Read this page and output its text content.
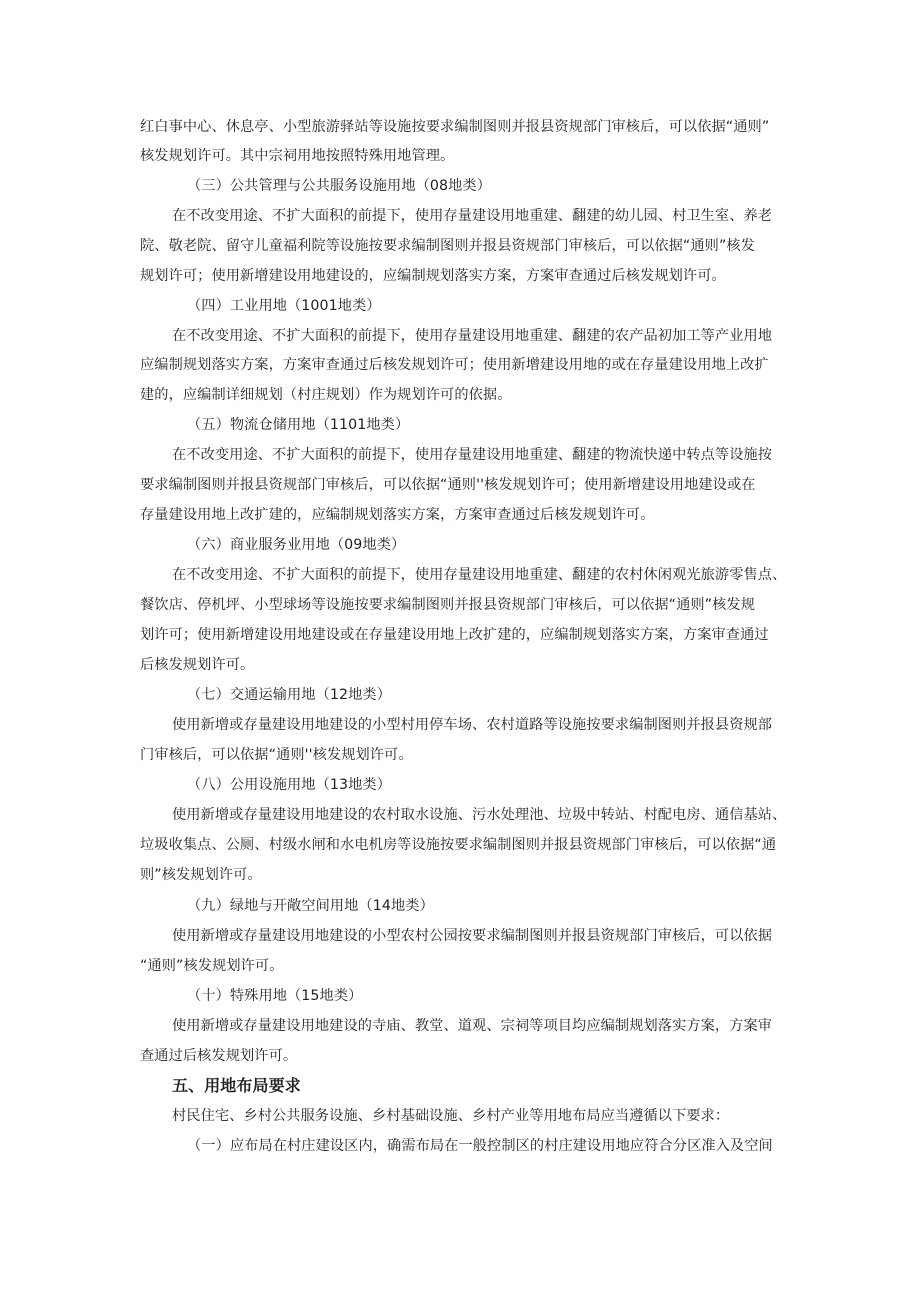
红白事中心、休息亭、小型旅游驿站等设施按要求编制图则并报县资规部门审核后，可以依据“通则”
核发规划许可。其中宗祠用地按照特殊用地管理。
（三）公共管理与公共服务设施用地（08地类）
在不改变用途、不扩大面积的前提下，使用存量建设用地重建、翻建的幼儿园、村卫生室、养老
院、敬老院、留守儿童福利院等设施按要求编制图则并报县资规部门审核后，可以依据“通则”核发
规划许可；使用新增建设用地建设的，应编制规划落实方案，方案审查通过后核发规划许可。
（四）工业用地（1001地类）
在不改变用途、不扩大面积的前提下，使用存量建设用地重建、翻建的农产品初加工等产业用地
应编制规划落实方案，方案审查通过后核发规划许可；使用新增建设用地的或在存量建设用地上改扩
建的，应编制详细规划（村庄规划）作为规划许可的依据。
（五）物流仓储用地（1101地类）
在不改变用途、不扩大面积的前提下，使用存量建设用地重建、翻建的物流快递中转点等设施按
要求编制图则并报县资规部门审核后，可以依据“通则''核发规划许可；使用新增建设用地建设或在
存量建设用地上改扩建的，应编制规划落实方案，方案审查通过后核发规划许可。
（六）商业服务业用地（09地类）
在不改变用途、不扩大面积的前提下，使用存量建设用地重建、翻建的农村休闲观光旅游零售点、
餐饮店、停机坪、小型球场等设施按要求编制图则并报县资规部门审核后，可以依据“通则”核发规
划许可；使用新增建设用地建设或在存量建设用地上改扩建的，应编制规划落实方案，方案审查通过
后核发规划许可。
（七）交通运输用地（12地类）
使用新增或存量建设用地建设的小型村用停车场、农村道路等设施按要求编制图则并报县资规部
门审核后，可以依据“通则''核发规划许可。
（八）公用设施用地（13地类）
使用新增或存量建设用地建设的农村取水设施、污水处理池、垃圾中转站、村配电房、通信基站、
垃圾收集点、公厕、村级水闸和水电机房等设施按要求编制图则并报县资规部门审核后，可以依据“通
则”核发规划许可。
（九）绿地与开敞空间用地（14地类）
使用新增或存量建设用地建设的小型农村公园按要求编制图则并报县资规部门审核后，可以依据
“通则”核发规划许可。
（十）特殊用地（15地类）
使用新增或存量建设用地建设的寺庙、教堂、道观、宗祠等项目均应编制规划落实方案，方案审
查通过后核发规划许可。
五、用地布局要求
村民住宅、乡村公共服务设施、乡村基础设施、乡村产业等用地布局应当遵循以下要求：
（一）应布局在村庄建设区内，确需布局在一般控制区的村庄建设用地应符合分区准入及空间
